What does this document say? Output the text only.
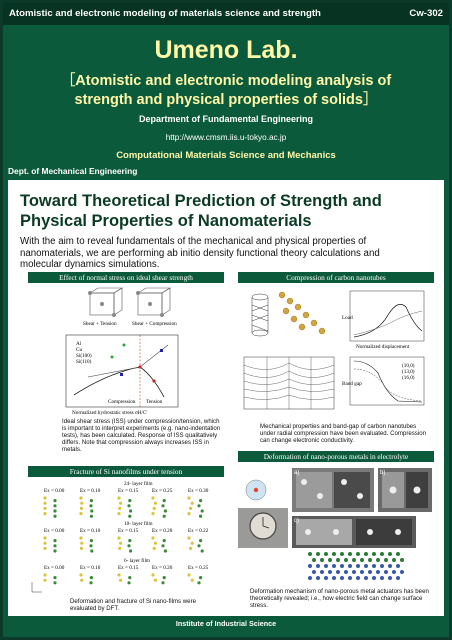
Atomistic and electronic modeling of materials science and strength	Cw-302
Umeno Lab.
［Atomistic and electronic modeling analysis of
strength and physical properties of solids］
Department of Fundamental Engineering
http://www.cmsm.iis.u-tokyo.ac.jp
Computational Materials Science and Mechanics
Dept. of Mechanical Engineering
Toward Theoretical Prediction of Strength and
Physical Properties of Nanomaterials
With the aim to reveal fundamentals of the mechanical and physical properties of nanomaterials, we are performing ab initio density functional theory calculations and molecular dynamics simulations.
Effect of normal stress on ideal shear strength
Shear + Tension	Shear + Compression
Tension
Compression
Normalized hydrostatic stress σH/C'
Al
Cu
Si(100)
Si(110)
Ideal shear stress (ISS) under compression/tension, which is important to interpret experiments (e.g. nano-indentation tests), has been calculated. Response of ISS qualitatively differs. Note that compression always increases ISS in metals.
Compression of carbon nanotubes
Normalized displacement
Load
Band gap
(10,0)
(13,0)
(16,0)
Mechanical properties and band-gap of carbon nanotubes under radial compression have been evaluated. Compression can change electronic conductivity.
Fracture of Si nanofilms under tension
24- layer film
10- layer film
6- layer film
Ex = 0.00	Ex = 0.10	Ex = 0.15	Ex = 0.25	Ex = 0.30
Ex = 0.00	Ex = 0.10	Ex = 0.15	Ex = 0.20	Ex = 0.22
Ex = 0.00	Ex = 0.10	Ex = 0.15	Ex = 0.20	Ex = 0.25
Deformation and fracture of Si nano-films were evaluated by DFT.
Deformation of nano-porous metals in electrolyte
a)	b)
c)
Deformation mechanism of nano-porous metal actuators has been theoretically revealed; i.e., how electric field can change surface stress.
Institute of Industrial Science
